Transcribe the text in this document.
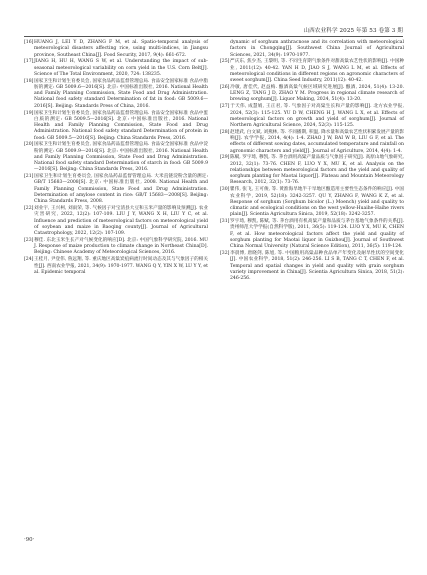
山西农业科学 2025 年第 53 卷第 3 期

[16]HUANG J, LEI Y D, ZHANG F M, et al. Spatio-temporal analysis of meteorological disasters affecting rice, using multi-indices, in Jiangsu province, Southeast China[J]. Food Security, 2017, 9(4): 661-672.

[17]JIANG H, HU H, WANG S W, et al. Understanding the impact of sub-seasonal meteorological variability on corn yield in the U.S. Corn Belt[J]. Science of The Total Environment, 2020, 724: 138235.

[18]国家卫生和计划生育委员会, 国家食品药品监督管理总局. 食品安全国家标准 食品中脂肪的测定: GB 5009.6—2016[S]. 北京: 中国标准出版社, 2016. National Health and Family Planning Commission, State Food and Drug Administration. National food safety standard Determination of fat in food: GB 5009.6—2016[S]. Beijing: Standards Press of China, 2016.

[19]国家卫生和计划生育委员会, 国家食品药品监督管理总局. 食品安全国家标准 食品中蛋白质的测定: GB 5009.5—2016[S]. 北京: 中国标准出版社, 2016. National Health and Family Planning Commission, State Food and Drug Administration. National food safety standard Determination of protein in food: GB 5009.5—2016[S]. Beijing: China Standards Press, 2016.

[20]国家卫生和计划生育委员会, 国家食品药品监督管理总局. 食品安全国家标准 食品中淀粉的测定: GB 5009.9—2016[S]. 北京: 中国标准出版社, 2016. National Health and Family Planning Commission, State Food and Drug Administration. National food safety standard Determination of starch in food: GB 5009.9—2016[S]. Beijing: China Standards Press, 2016.

[21]国家卫生和计划生育委员会, 国家食品药品监督管理总局. 大米直链淀粉含量的测定: GB/T 15683—2008[S]. 北京: 中国标准出版社, 2008. National Health and Family Planning Commission, State Food and Drug Administration. Determination of amylose content in rice: GB/T 15683—2008[S]. Beijing: China Standards Press, 2008.

[22]刘业宇, 王兴柯, 刘雨荣, 等. 气候因子对宝清县大豆和玉米产量的影响及预测[J]. 农业灾害研究, 2022, 12(2): 107-109. LIU J Y, WANG X H, LIU Y C, et al. Influence and prediction of meteorological factors on meteorological yield of soybean and maize in Baoqing county[J]. Journal of Agricultural Catastrophology, 2022, 12(2): 107-109.

[23]穆佳. 东北玉米生长产对气候变化的响应[D]. 北京: 中国气象科学研究院, 2016. MU J. Response of maize production to climate change in Northeast China[D]. Beijing: Chinese Academy of Meteorological Sciences, 2016.

[24]王桂月, 尹登伟, 鲁远翔, 等. 重庆地区高粱炭疽病流行时间动态及其与气象因子的相关性[J]. 西南农业学报, 2021, 34(9): 1970-1977. WANG Q Y, YIN X W, LU Y Y, et al. Epidemic temporal

dynamic of sorghum anthracnose and its correlation with meteorological factors in Chongqing[J]. Southwest China Journal of Agricultural Sciences, 2021, 34(9): 1970-1977.

[25]严庆东, 焦少杰, 王黎明, 等. 不同生育期气象条件对甜高粱农艺性状的影响[J]. 中国种业, 2011(12): 40-42. YAN H D, JIAO S J, WANG L M, et al. Effects of meteorological conditions in different regions on agronomic characters of sweet sorghum[J]. China Seed Industry, 2011(12): 40-42.

[26]冷敏, 唐佳代, 赵益梅. 酿酒高粱气候区域研究进展[J]. 酿酒, 2024, 51(4): 13-20. LENG Z, TANG J D, ZHAO Y M. Progress in regional climate research of brewing sorghum[J]. Liquor Making, 2024, 51(4): 13-20.

[27]于天伟, 成慧娟, 王正君, 等. 气象因子对高粱生长和产量的影响[J]. 北方农业学报, 2024, 52(3): 115-125. YU D W, CHENG H J, WANG L X, et al. Effects of meteorological factors on growth and yield of sorghum[J]. Journal of Northern Agricultural Science, 2024, 52(3): 115-125.

[28]赵建武, 白文斌, 刘燕林, 等. 不同播期, 积温, 降水量和高粱农艺性状积累发展产量的影响[J]. 农学学报, 2014, 4(4): 1-4. ZHAO J W, BAI W B, LIU G F, et al. The effects of different sowing dates, accumulated temperature and rainfall on agronomic characters and yield[J]. Journal of Agriculture, 2014, 4(4): 1-4.

[29]陈赋, 罗宇琦, 穆凯, 等. 茅台酒用高粱产量品质与气象因子研究[J]. 高原山地气象研究, 2012, 32(1): 73-76. CHEN F, LUO Y X, MU K, et al. Analysis on the relationships between meteorological factors and the yield and quality of sorghum planting for Maotai liquor[J]. Plateau and Mountain Meteorology Research, 2012, 32(1): 73-76.

[30]瞿伟, 张飞, 王可俊, 等. 黄淮海旱地半干旱地区酿造用主要性生态条件的响应[J]. 中国农业科学, 2019, 52(18): 3242-3257. QU Y, ZHANG F, WANG K Z, et al. Response of sorghum (Sorghum bicolor (L.) Moench) yield and quality to climatic and ecological conditions on the west yellow-Huaihe-Haihe rivers plain[J]. Scientia Agricultura Sinica, 2019, 52(18): 3242-3257.

[31]罗宇琦, 穆凯, 陈赋, 等. 茅台酒用有机高粱产量和品质与茅台基地气象条件的关系[J]. 贵州师范大学学报(自然科学版), 2011, 36(5): 119-124. LUO Y X, MU K, CHEN F, et al. How meteorological factors affect the yield and quality of sorghum planting for Maotai liquor in Guizhou[J]. Journal of Southwest China Normal University (Natural Science Edition), 2011, 36(5): 119-124.

[32]李晨博, 唐晓剑, 陈旭, 等. 中国粮用高粱品种食品单产年变化及耐旱性状的空间变化[J]. 中国农业科学, 2018, 51(2): 246-256. LI S B, TANG C T, CHEN F, et al. Temporal and spatial changes in yield and quality with grain sorghum variety improvement in China[J]. Scientia Agricultura Sinica, 2018, 51(2): 246-256.

·90·
